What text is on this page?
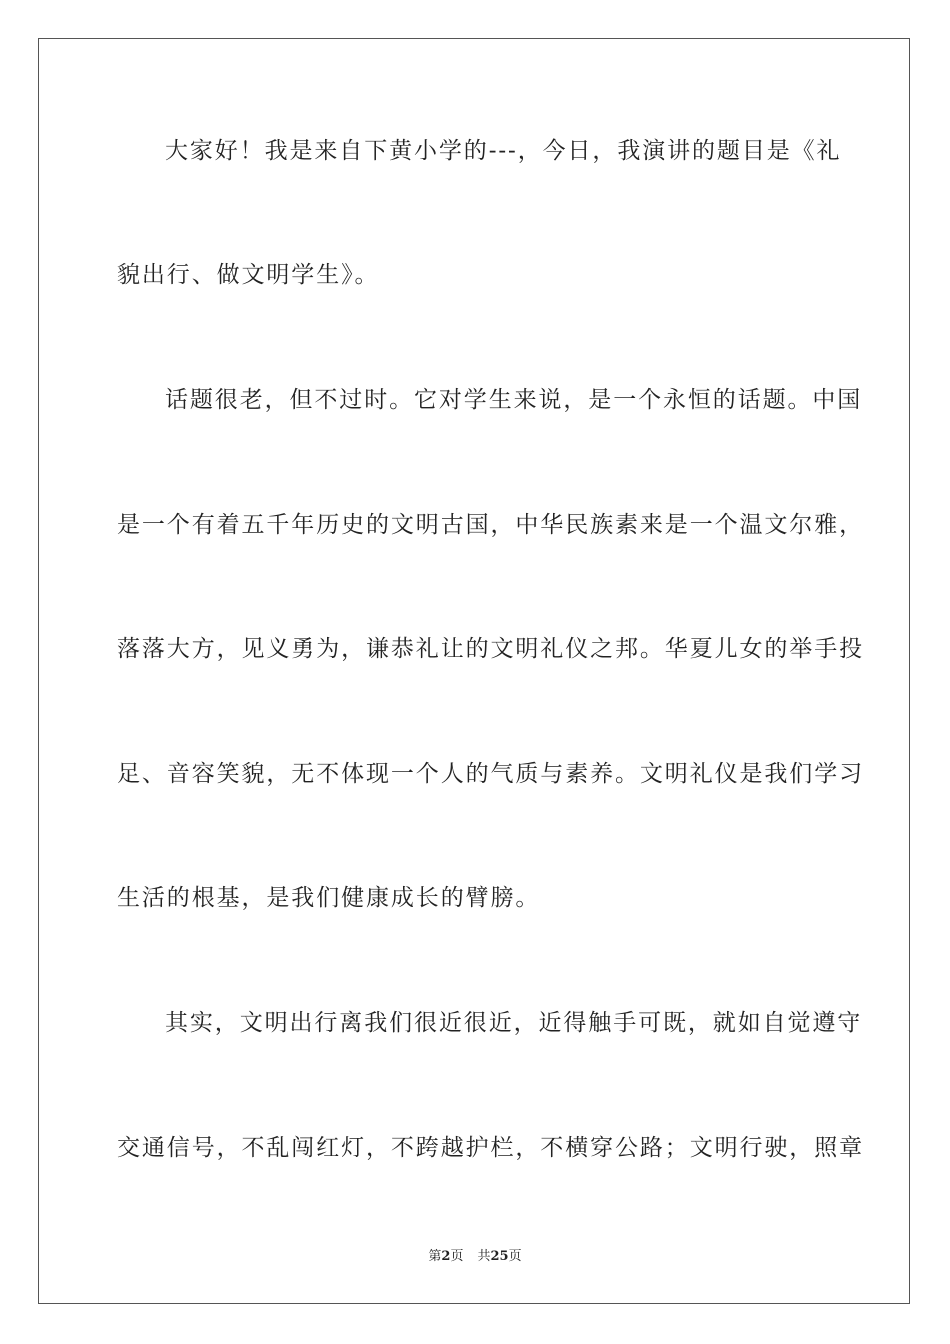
大家好！我是来自下黄小学的---，今日，我演讲的题目是《礼
貌出行、做文明学生》。
话题很老，但不过时。它对学生来说，是一个永恒的话题。中国
是一个有着五千年历史的文明古国，中华民族素来是一个温文尔雅，
落落大方，见义勇为，谦恭礼让的文明礼仪之邦。华夏儿女的举手投
足、音容笑貌，无不体现一个人的气质与素养。文明礼仪是我们学习
生活的根基，是我们健康成长的臂膀。
其实，文明出行离我们很近很近，近得触手可既，就如自觉遵守
交通信号，不乱闯红灯，不跨越护栏，不横穿公路；文明行驶，照章
第2页 共25页
